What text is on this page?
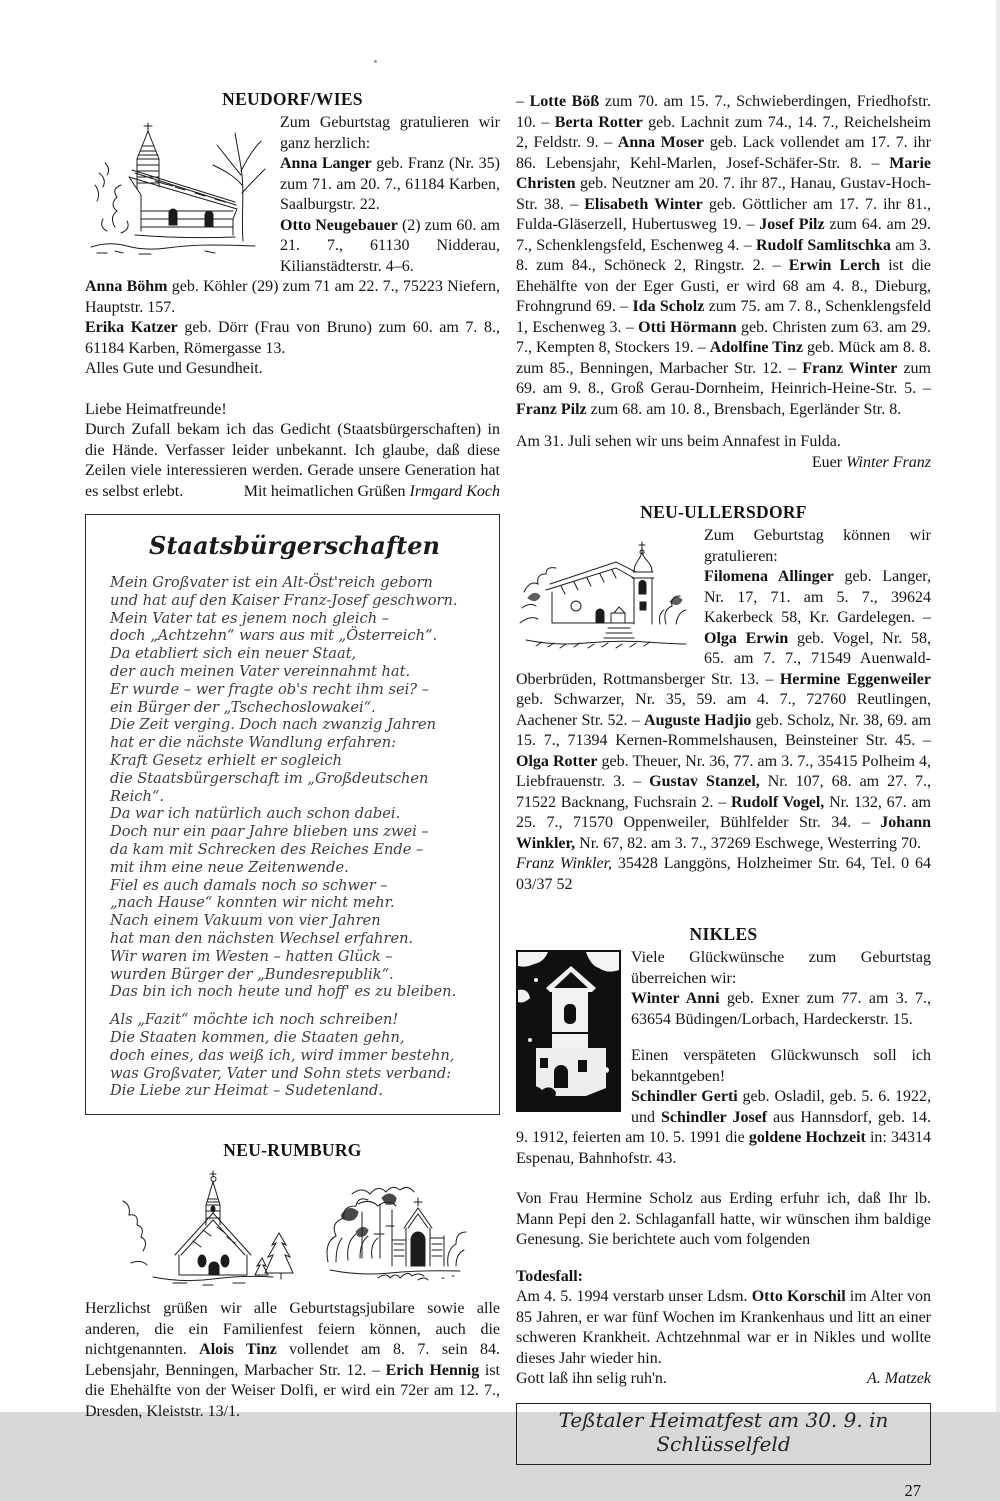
NEUDORF/WIES

Zum Geburtstag gratulieren wir ganz herzlich:

Anna Langer geb. Franz (Nr. 35) zum 71. am 20. 7., 61184 Karben, Saalburgstr. 22.

Otto Neugebauer (2) zum 60. am 21. 7., 61130 Nidderau, Kilianstädterstr. 4–6.

Anna Böhm geb. Köhler (29) zum 71 am 22. 7., 75223 Niefern, Hauptstr. 157.

Erika Katzer geb. Dörr (Frau von Bruno) zum 60. am 7. 8., 61184 Karben, Römergasse 13.

Alles Gute und Gesundheit.

Liebe Heimatfreunde!

Durch Zufall bekam ich das Gedicht (Staatsbürgerschaften) in die Hände. Verfasser leider unbekannt. Ich glaube, daß diese Zeilen viele interessieren werden. Gerade unsere Generation hat es selbst erlebt.	Mit heimatlichen Grüßen Irmgard Koch

Staatsbürgerschaften
Mein Großvater ist ein Alt-Öst'reich geborn
und hat auf den Kaiser Franz-Josef geschworn.
Mein Vater tat es jenem noch gleich –
doch „Achtzehn“ wars aus mit „Österreich“.
Da etabliert sich ein neuer Staat,
der auch meinen Vater vereinnahmt hat.
Er wurde – wer fragte ob's recht ihm sei? –
ein Bürger der „Tschechoslowakei“.
Die Zeit verging. Doch nach zwanzig Jahren
hat er die nächste Wandlung erfahren:
Kraft Gesetz erhielt er sogleich
die Staatsbürgerschaft im „Großdeutschen Reich“.
Da war ich natürlich auch schon dabei.
Doch nur ein paar Jahre blieben uns zwei –
da kam mit Schrecken des Reiches Ende –
mit ihm eine neue Zeitenwende.
Fiel es auch damals noch so schwer –
„nach Hause“ konnten wir nicht mehr.
Nach einem Vakuum von vier Jahren
hat man den nächsten Wechsel erfahren.
Wir waren im Westen – hatten Glück –
wurden Bürger der „Bundesrepublik“.
Das bin ich noch heute und hoff' es zu bleiben.
Als „Fazit“ möchte ich noch schreiben!
Die Staaten kommen, die Staaten gehn,
doch eines, das weiß ich, wird immer bestehn,
was Großvater, Vater und Sohn stets verband:
Die Liebe zur Heimat – Sudetenland.
NEU-RUMBURG

Herzlichst grüßen wir alle Geburtstagsjubilare sowie alle anderen, die ein Familienfest feiern können, auch die nichtgenannten. Alois Tinz vollendet am 8. 7. sein 84. Lebensjahr, Benningen, Marbacher Str. 12. – Erich Hennig ist die Ehehälfte von der Weiser Dolfi, er wird ein 72er am 12. 7., Dresden, Kleiststr. 13/1.

– Lotte Böß zum 70. am 15. 7., Schwieberdingen, Friedhofstr. 10. – Berta Rotter geb. Lachnit zum 74., 14. 7., Reichelsheim 2, Feldstr. 9. – Anna Moser geb. Lack vollendet am 17. 7. ihr 86. Lebensjahr, Kehl-Marlen, Josef-Schäfer-Str. 8. – Marie Christen geb. Neutzner am 20. 7. ihr 87., Hanau, Gustav-Hoch-Str. 38. – Elisabeth Winter geb. Göttlicher am 17. 7. ihr 81., Fulda-Gläserzell, Hubertusweg 19. – Josef Pilz zum 64. am 29. 7., Schenklengsfeld, Eschenweg 4. – Rudolf Samlitschka am 3. 8. zum 84., Schöneck 2, Ringstr. 2. – Erwin Lerch ist die Ehehälfte von der Eger Gusti, er wird 68 am 4. 8., Dieburg, Frohngrund 69. – Ida Scholz zum 75. am 7. 8., Schenklengsfeld 1, Eschenweg 3. – Otti Hörmann geb. Christen zum 63. am 29. 7., Kempten 8, Stockers 19. – Adolfine Tinz geb. Mück am 8. 8. zum 85., Benningen, Marbacher Str. 12. – Franz Winter zum 69. am 9. 8., Groß Gerau-Dornheim, Heinrich-Heine-Str. 5. – Franz Pilz zum 68. am 10. 8., Brensbach, Egerländer Str. 8.

Am 31. Juli sehen wir uns beim Annafest in Fulda.

Euer Winter Franz

NEU-ULLERSDORF

Zum Geburtstag können wir gratulieren:

Filomena Allinger geb. Langer, Nr. 17, 71. am 5. 7., 39624 Kakerbeck 58, Kr. Gardelegen. – Olga Erwin geb. Vogel, Nr. 58, 65. am 7. 7., 71549 Auenwald-Oberbrüden, Rottmansberger Str. 13. – Hermine Eggenweiler geb. Schwarzer, Nr. 35, 59. am 4. 7., 72760 Reutlingen, Aachener Str. 52. – Auguste Hadjio geb. Scholz, Nr. 38, 69. am 15. 7., 71394 Kernen-Rommelshausen, Beinsteiner Str. 45. – Olga Rotter geb. Theuer, Nr. 36, 77. am 3. 7., 35415 Polheim 4, Liebfrauenstr. 3. – Gustav Stanzel, Nr. 107, 68. am 27. 7., 71522 Backnang, Fuchsrain 2. – Rudolf Vogel, Nr. 132, 67. am 25. 7., 71570 Oppenweiler, Bühlfelder Str. 34. – Johann Winkler, Nr. 67, 82. am 3. 7., 37269 Eschwege, Westerring 70.

Franz Winkler, 35428 Langgöns, Holzheimer Str. 64, Tel. 0 64 03/37 52

NIKLES

Viele Glückwünsche zum Geburtstag überreichen wir:

Winter Anni geb. Exner zum 77. am 3. 7., 63654 Büdingen/Lorbach, Hardeckerstr. 15.

Einen verspäteten Glückwunsch soll ich bekanntgeben!

Schindler Gerti geb. Osladil, geb. 5. 6. 1922, und Schindler Josef aus Hannsdorf, geb. 14. 9. 1912, feierten am 10. 5. 1991 die goldene Hochzeit in: 34314 Espenau, Bahnhofstr. 43.

Von Frau Hermine Scholz aus Erding erfuhr ich, daß Ihr lb. Mann Pepi den 2. Schlaganfall hatte, wir wünschen ihm baldige Genesung. Sie berichtete auch vom folgenden

Todesfall:

Am 4. 5. 1994 verstarb unser Ldsm. Otto Korschil im Alter von 85 Jahren, er war fünf Wochen im Krankenhaus und litt an einer schweren Krankheit. Achtzehnmal war er in Nikles und wollte dieses Jahr wieder hin.

Gott laß ihn selig ruh'n.	A. Matzek

Teßtaler Heimatfest am 30. 9. in Schlüsselfeld
27
